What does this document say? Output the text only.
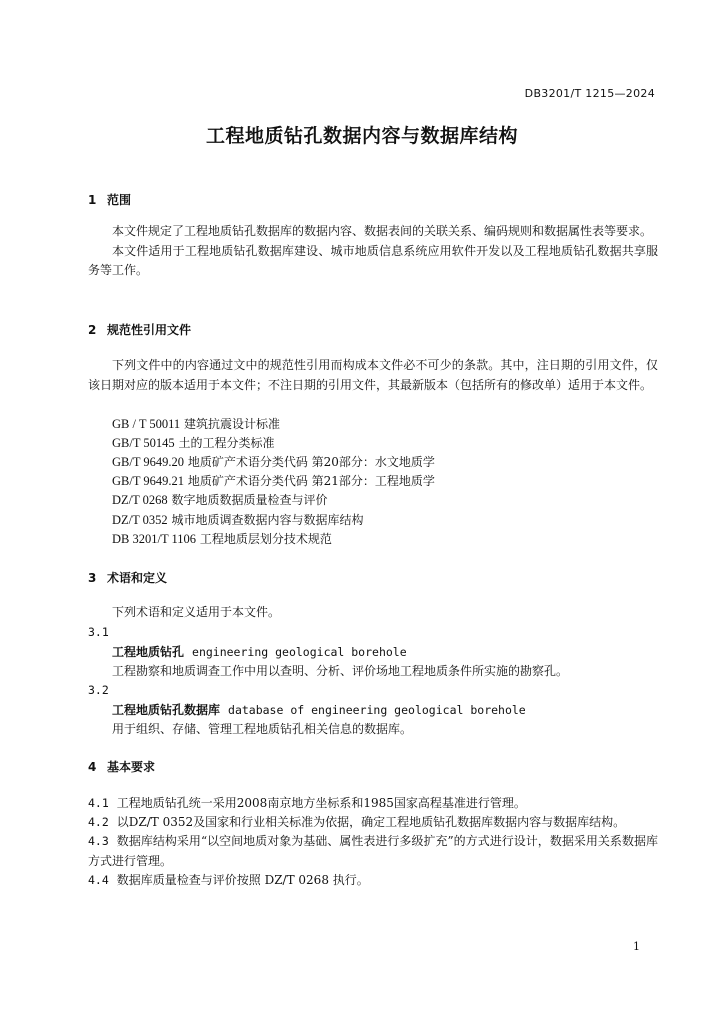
DB3201/T 1215—2024
工程地质钻孔数据内容与数据库结构
1 范围

本文件规定了工程地质钻孔数据库的数据内容、数据表间的关联关系、编码规则和数据属性表等要求。

本文件适用于工程地质钻孔数据库建设、城市地质信息系统应用软件开发以及工程地质钻孔数据共享服务等工作。

2 规范性引用文件

下列文件中的内容通过文中的规范性引用而构成本文件必不可少的条款。其中，注日期的引用文件，仅该日期对应的版本适用于本文件；不注日期的引用文件，其最新版本（包括所有的修改单）适用于本文件。

GB / T 50011 建筑抗震设计标准
GB/T 50145 土的工程分类标准
GB/T 9649.20 地质矿产术语分类代码 第20部分：水文地质学
GB/T 9649.21 地质矿产术语分类代码 第21部分：工程地质学
DZ/T 0268 数字地质数据质量检查与评价
DZ/T 0352 城市地质调查数据内容与数据库结构
DB 3201/T 1106 工程地质层划分技术规范
3 术语和定义

下列术语和定义适用于本文件。

3.1
工程地质钻孔 engineering geological borehole
工程勘察和地质调查工作中用以查明、分析、评价场地工程地质条件所实施的勘察孔。
3.2
工程地质钻孔数据库 database of engineering geological borehole
用于组织、存储、管理工程地质钻孔相关信息的数据库。
4 基本要求
4.1 工程地质钻孔统一采用2008南京地方坐标系和1985国家高程基准进行管理。
4.2 以DZ/T 0352及国家和行业相关标准为依据，确定工程地质钻孔数据库数据内容与数据库结构。
4.3 数据库结构采用“以空间地质对象为基础、属性表进行多级扩充”的方式进行设计，数据采用关系数据库方式进行管理。
4.4 数据库质量检查与评价按照 DZ/T 0268 执行。
1
